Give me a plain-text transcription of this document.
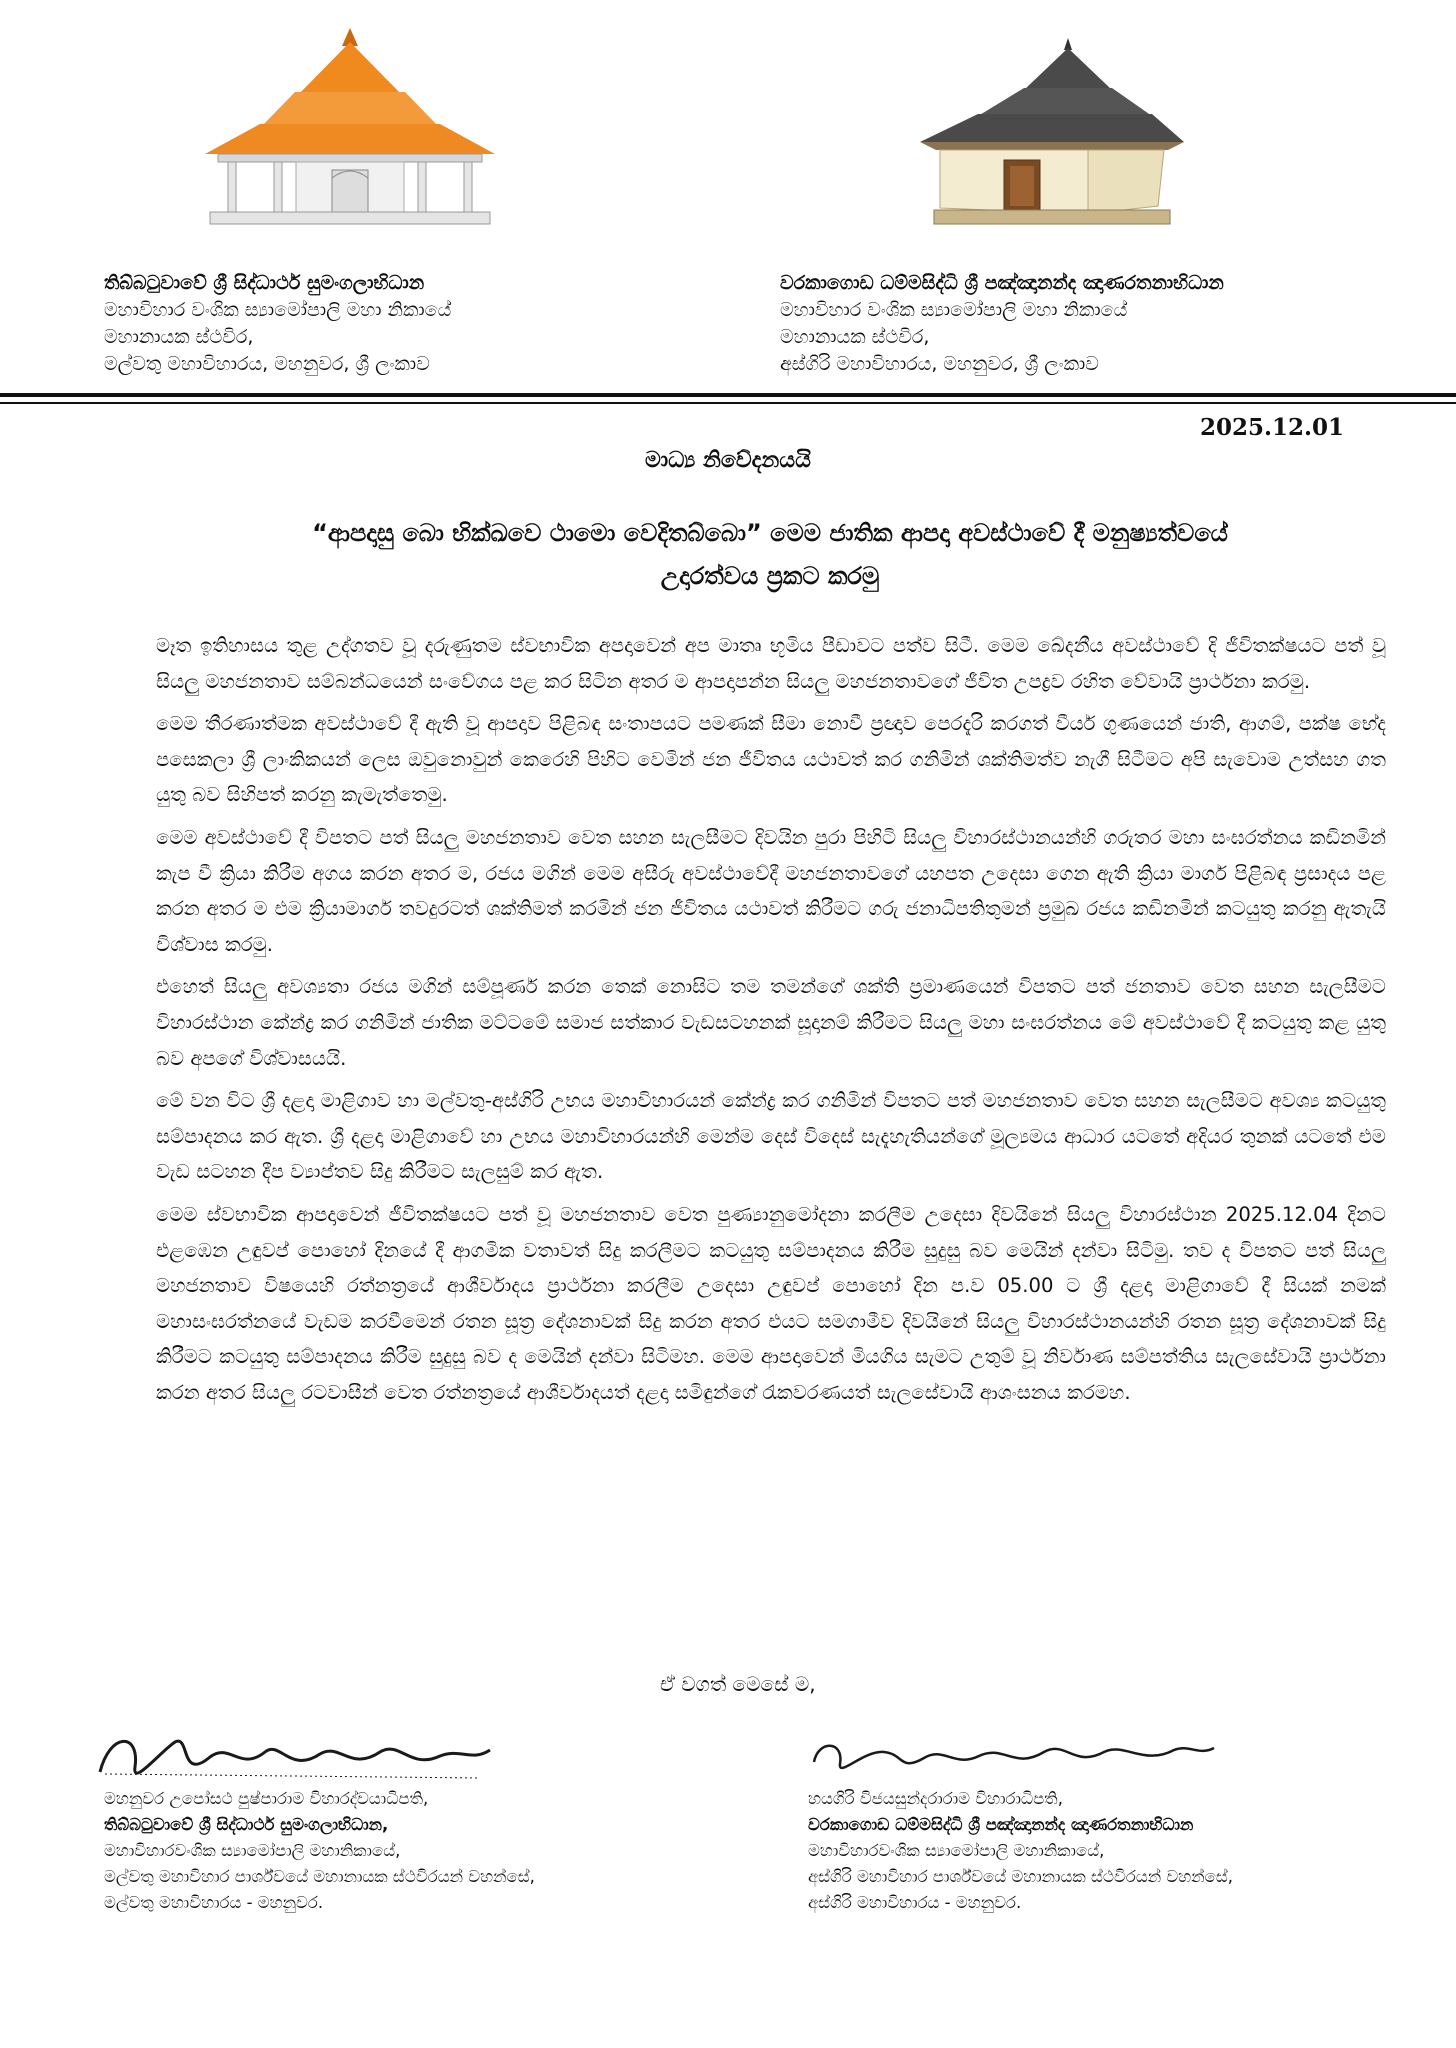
තිබ්බටුවාවේ ශ්‍රී සිද්ධාර්ථ සුමංගලාභිධාන
මහාවිහාර වංශික ස්‍යාමෝපාලි මහා නිකායේ
මහානායක ස්ථවිර,
මල්වතු මහාවිහාරය, මහනුවර, ශ්‍රී ලංකාව
වරකාගොඩ ධම්මසිද්ධි ශ්‍රී පඤ්ඤානන්ද ඤාණරතනාභිධාන
මහාවිහාර වංශික ස්‍යාමෝපාලි මහා නිකායේ
මහානායක ස්ථවිර,
අස්ගිරි මහාවිහාරය, මහනුවර, ශ්‍රී ලංකාව
2025.12.01
මාධ්‍ය නිවේදනයයි
“ආපදාසු බො භික්ඛවෙ ථාමො වෙදිතබ්බො” මෙම ජාතික ආපදා අවස්ථාවේ දී මනුෂ්‍යත්වයේ
උදාරත්වය ප්‍රකට කරමු

මෑත ඉතිහාසය තුළ උද්ගතව වූ දරුණුතම ස්වභාවික අපදාවෙන් අප මාතෘ භූමිය පීඩාවට පත්ව සිටී. මෙම ඛේදනීය අවස්ථාවේ දි ජීවිතක්ෂයට පත් වූ සියලු මහජනතාව සම්බන්ධයෙන් සංවේගය පළ කර සිටින අතර ම ආපදාපන්න සියලු මහජනතාවගේ ජීවිත උපද්‍රව රහිත වේවායි ප්‍රාර්ථනා කරමු.

මෙම තීරණාත්මක අවස්ථාවේ දී ඇති වූ ආපදාව පිළිබඳ සංතාපයට පමණක් සීමා නොවී ප්‍රඥාව පෙරදැරි කරගත් වීර්ය ගුණයෙන් ජාති, ආගම්, පක්ෂ භේද පසෙකලා ශ්‍රී ලාංකිකයන් ලෙස ඔවුනොවුන් කෙරෙහි පිහිට වෙමින් ජන ජීවිතය යථාවත් කර ගනිමින් ශක්තිමත්ව නැගී සිටීමට අපි සැවොම උත්සහ ගත යුතු බව සිහිපත් කරනු කැමැත්තෙමු.

මෙම අවස්ථාවේ දී විපතට පත් සියලු මහජනතාව වෙත සහන සැලසීමට දිවයින පුරා පිහිටි සියලු විහාරස්ථානයන්හි ගරුතර මහා සංඝරත්නය කඩිනමින් කැප වී ක්‍රියා කිරීම අගය කරන අතර ම, රජය මගින් මෙම අසීරු අවස්ථාවේදී මහජනතාවගේ යහපත උදෙසා ගෙන ඇති ක්‍රියා මාර්ග පිළිබඳ ප්‍රසාදය පළ කරන අතර ම එම ක්‍රියාමාර්ග තවදුරටත් ශක්තිමත් කරමින් ජන ජීවිතය යථාවත් කිරීමට ගරු ජනාධිපතිතුමන් ප්‍රමුඛ රජය කඩිනමින් කටයුතු කරනු ඇතැයි විශ්වාස කරමු.

එහෙත් සියලු අවශ්‍යතා රජය මගින් සම්පූර්ණ කරන තෙක් නොසිට තම තමන්ගේ ශක්ති ප්‍රමාණයෙන් විපතට පත් ජනතාව වෙත සහන සැලසීමට විහාරස්ථාන කේන්ද්‍ර කර ගනිමින් ජාතික මට්ටමේ සමාජ සත්කාර වැඩසටහනක් සූදානම් කිරීමට සියලු මහා සංඝරත්නය මේ අවස්ථාවේ දී කටයුතු කළ යුතු බව අපගේ විශ්වාසයයි.

මේ වන විට ශ්‍රී දළදා මාළිගාව හා මල්වතු-අස්ගිරි උභය මහාවිහාරයන් කේන්ද්‍ර කර ගනිමින් විපතට පත් මහජනතාව වෙත සහන සැලසීමට අවශ්‍ය කටයුතු සම්පාදනය කර ඇත. ශ්‍රී දළදා මාළිගාවේ හා උභය මහාවිහාරයන්හි මෙන්ම දෙස් විදෙස් සැදැහැතියන්ගේ මූල්‍යමය ආධාර යටතේ අදියර තුනක් යටතේ එම වැඩ සටහන දීප ව්‍යාප්තව සිදු කිරීමට සැලසුම් කර ඇත.

මෙම ස්වභාවික ආපදාවෙන් ජීවිතක්ෂයට පත් වූ මහජනතාව වෙත පුණ්‍යානුමෝදනා කරලීම උදෙසා දිවයිනේ සියලු විහාරස්ථාන 2025.12.04 දිනට එළඹෙන උඳුවප් පොහෝ දිනයේ දී ආගමික වතාවත් සිදු කරලීමට කටයුතු සම්පාදනය කිරීම සුදුසු බව මෙයින් දන්වා සිටිමු. තව ද විපතට පත් සියලු මහජනතාව විෂයෙහි රත්නත්‍රයේ ආශීර්වාදය ප්‍රාර්ථනා කරලීම උදෙසා උඳුවප් පොහෝ දින ප.ව 05.00 ට ශ්‍රී දළදා මාළිගාවේ දී සියක් නමක් මහාසංඝරත්නයේ වැඩම කරවීමෙන් රතන සූත්‍ර දේශනාවක් සිදු කරන අතර එයට සමගාමීව දිවයිනේ සියලු විහාරස්ථානයන්හි රතන සූත්‍ර දේශනාවක් සිදු කිරීමට කටයුතු සම්පාදනය කිරීම සුදුසු බව ද මෙයින් දන්වා සිටිමහ. මෙම ආපදාවෙන් මියගිය සැමට උතුම් වූ නිර්වාණ සම්පත්තිය සැලසේවායි ප්‍රාර්ථනා කරන අතර සියලු රටවාසීන් වෙත රත්නත්‍රයේ ආශීර්වාදයත් දළදා සමිඳුන්ගේ රැකවරණයත් සැලසේවායි ආශංසනය කරමහ.

ඒ වගත් මෙසේ ම,
මහනුවර උපෝසථ පුෂ්පාරාම විහාරද්වයාධිපති,
තිබ්බටුවාවේ ශ්‍රී සිද්ධාර්ථ සුමංගලාභිධාන,
මහාවිහාරවංශික ස්‍යාමෝපාලි මහානිකායේ,
මල්වතු මහාවිහාර පාර්ශ්වයේ මහානායක ස්ථවිරයන් වහන්සේ,
මල්වතු මහාවිහාරය - මහනුවර.
හයගිරි විජයසුන්දරාරාම විහාරාධිපති,
වරකාගොඩ ධම්මසිද්ධි ශ්‍රී පඤ්ඤානන්ද ඤාණරතනාභිධාන
මහාවිහාරවංශික ස්‍යාමෝපාලි මහානිකායේ,
අස්ගිරි මහාවිහාර පාර්ශ්වයේ මහානායක ස්ථවිරයන් වහන්සේ,
අස්ගිරි මහාවිහාරය - මහනුවර.
